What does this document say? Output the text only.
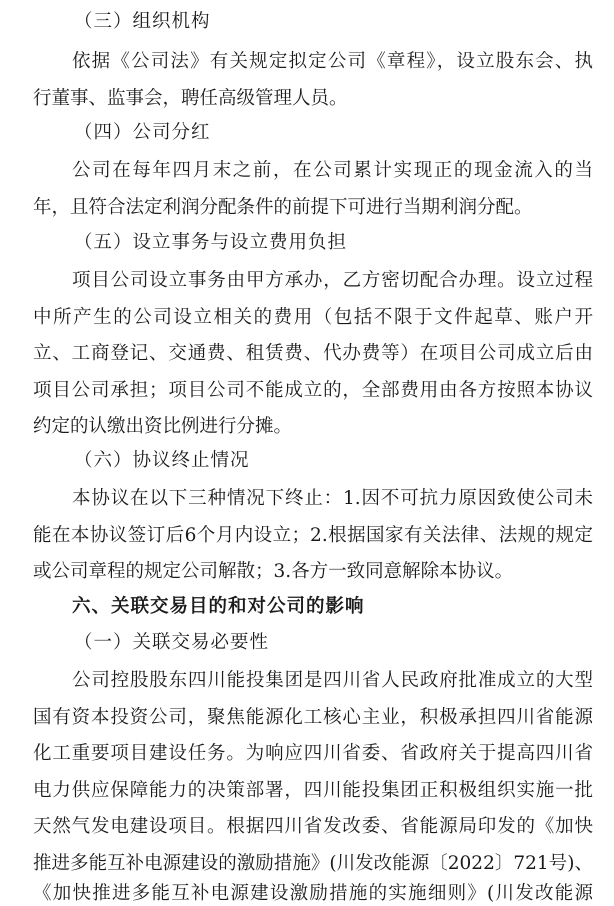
（三）组织机构
依据《公司法》有关规定拟定公司《章程》，设立股东会、执
行董事、监事会，聘任高级管理人员。
（四）公司分红
公司在每年四月末之前，在公司累计实现正的现金流入的当
年，且符合法定利润分配条件的前提下可进行当期利润分配。
（五）设立事务与设立费用负担
项目公司设立事务由甲方承办，乙方密切配合办理。设立过程
中所产生的公司设立相关的费用（包括不限于文件起草、账户开
立、工商登记、交通费、租赁费、代办费等）在项目公司成立后由
项目公司承担；项目公司不能成立的，全部费用由各方按照本协议
约定的认缴出资比例进行分摊。
（六）协议终止情况
本协议在以下三种情况下终止：1.因不可抗力原因致使公司未
能在本协议签订后6个月内设立；2.根据国家有关法律、法规的规定
或公司章程的规定公司解散；3.各方一致同意解除本协议。
六、关联交易目的和对公司的影响
（一）关联交易必要性
公司控股股东四川能投集团是四川省人民政府批准成立的大型
国有资本投资公司，聚焦能源化工核心主业，积极承担四川省能源
化工重要项目建设任务。为响应四川省委、省政府关于提高四川省
电力供应保障能力的决策部署，四川能投集团正积极组织实施一批
天然气发电建设项目。根据四川省发改委、省能源局印发的《加快
推进多能互补电源建设的激励措施》(川发改能源〔2022〕721号)、
《加快推进多能互补电源建设激励措施的实施细则》(川发改能源
